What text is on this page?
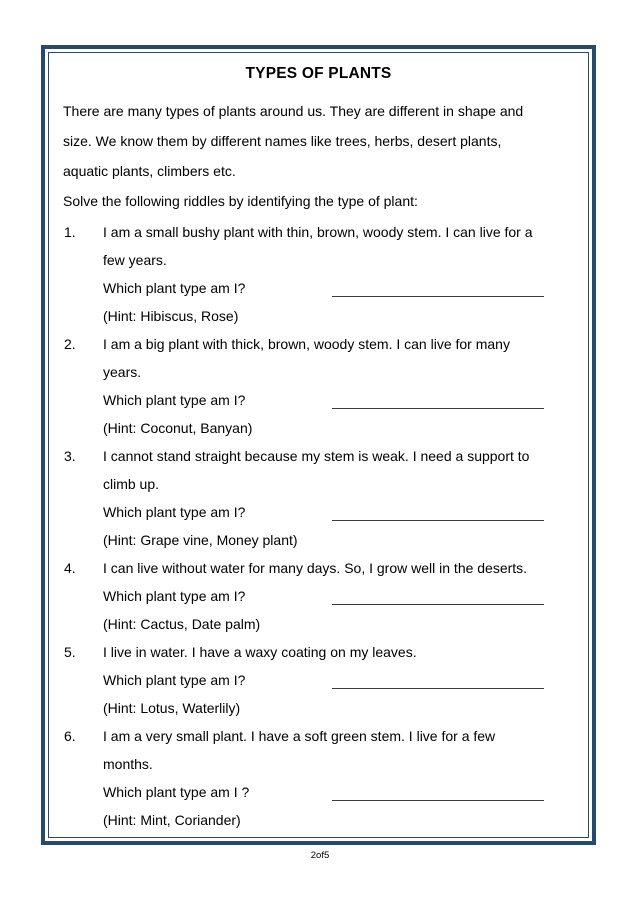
TYPES OF PLANTS
There are many types of plants around us. They are different in shape and
size. We know them by different names like trees, herbs, desert plants,
aquatic plants, climbers etc.
Solve the following riddles by identifying the type of plant:
1.	I am a small bushy plant with thin, brown, woody stem. I can live for a
few years.
Which plant type am I?
(Hint: Hibiscus, Rose)
2.	I am a big plant with thick, brown, woody stem. I can live for many
years.
Which plant type am I?
(Hint: Coconut, Banyan)
3.	I cannot stand straight because my stem is weak. I need a support to
climb up.
Which plant type am I?
(Hint: Grape vine, Money plant)
4.	I can live without water for many days. So, I grow well in the deserts.
Which plant type am I?
(Hint: Cactus, Date palm)
5.	I live in water. I have a waxy coating on my leaves.
Which plant type am I?
(Hint: Lotus, Waterlily)
6.	I am a very small plant. I have a soft green stem. I live for a few
months.
Which plant type am I ?
(Hint: Mint, Coriander)
2of5
